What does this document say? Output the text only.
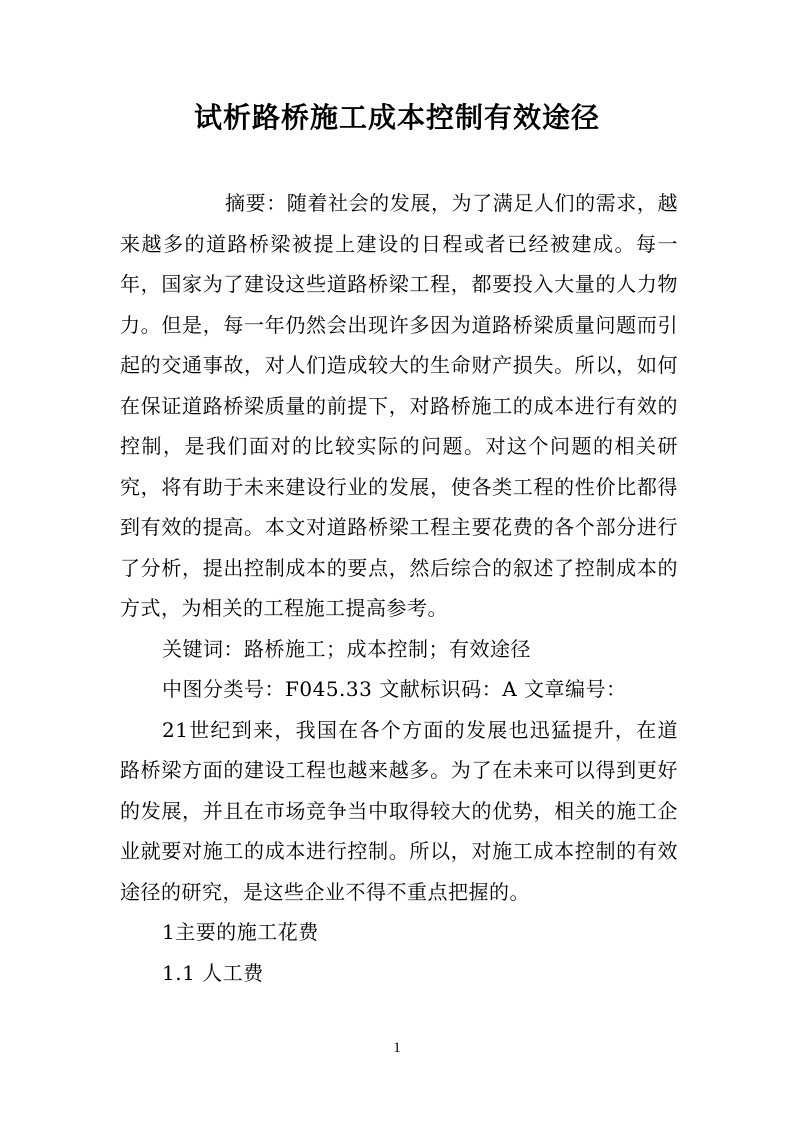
试析路桥施工成本控制有效途径

摘要：随着社会的发展，为了满足人们的需求，越来越多的道路桥梁被提上建设的日程或者已经被建成。每一年，国家为了建设这些道路桥梁工程，都要投入大量的人力物力。但是，每一年仍然会出现许多因为道路桥梁质量问题而引起的交通事故，对人们造成较大的生命财产损失。所以，如何在保证道路桥梁质量的前提下，对路桥施工的成本进行有效的控制，是我们面对的比较实际的问题。对这个问题的相关研究，将有助于未来建设行业的发展，使各类工程的性价比都得到有效的提高。本文对道路桥梁工程主要花费的各个部分进行了分析，提出控制成本的要点，然后综合的叙述了控制成本的方式，为相关的工程施工提高参考。

关键词：路桥施工；成本控制；有效途径

中图分类号：F045.33 文献标识码：A 文章编号：

21世纪到来，我国在各个方面的发展也迅猛提升，在道路桥梁方面的建设工程也越来越多。为了在未来可以得到更好的发展，并且在市场竞争当中取得较大的优势，相关的施工企业就要对施工的成本进行控制。所以，对施工成本控制的有效途径的研究，是这些企业不得不重点把握的。

1主要的施工花费

1.1 人工费

1
